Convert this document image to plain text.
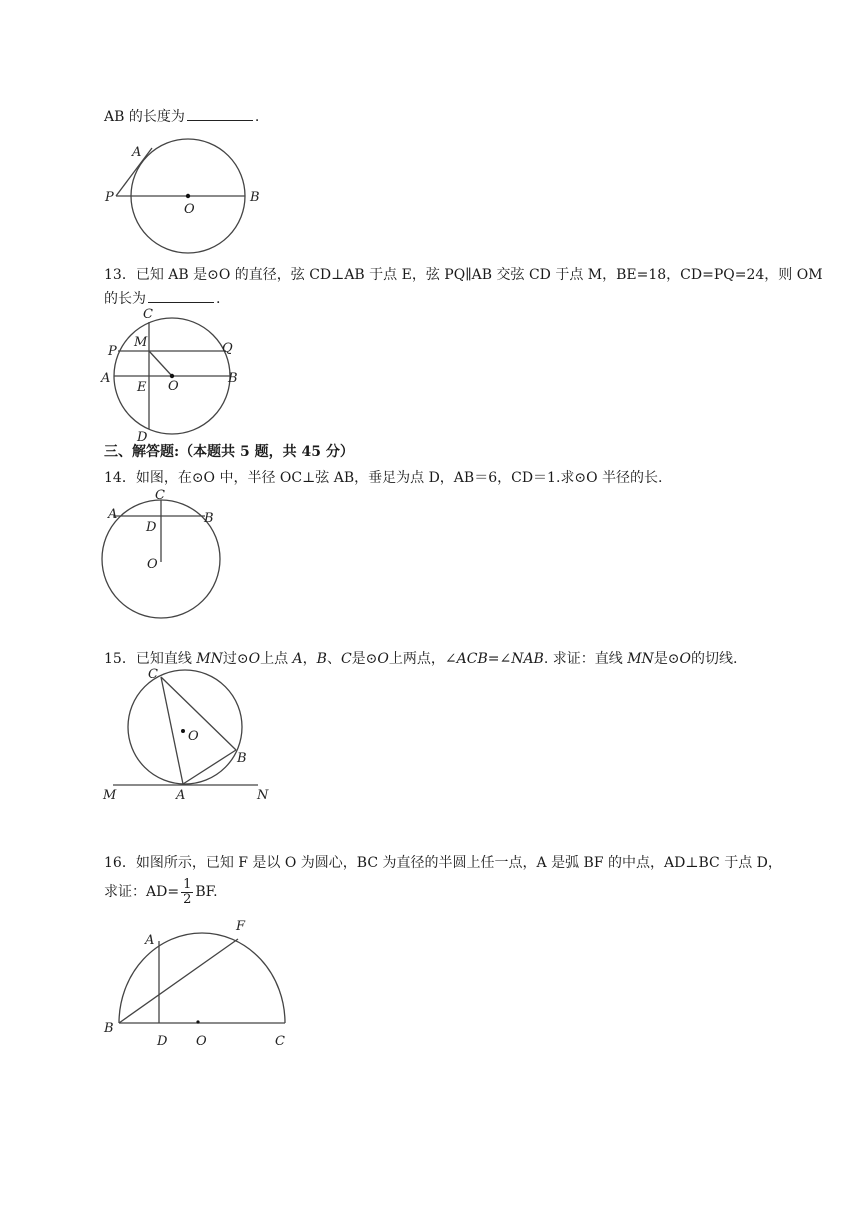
AB 的长度为	.
A
P
O
B
13．已知 AB 是⊙O 的直径，弦 CD⊥AB 于点 E，弦 PQ∥AB 交弦 CD 于点 M，BE=18，CD=PQ=24，则 OM
的长为	.
C
M
P	Q
A
E O
B
D
三、解答题:（本题共 5 题，共 45 分）
14．如图，在⊙O 中，半径 OC⊥弦 AB，垂足为点 D，AB＝6，CD＝1.求⊙O 半径的长.
C
A
D
B
O
15．已知直线 MN过⊙O上点 A，B、C是⊙O上两点，∠ACB=∠NAB. 求证：直线 MN是⊙O的切线.
C
O
B
M	A	N
16．如图所示，已知 F 是以 O 为圆心，BC 为直径的半圆上任一点，A 是弧 BF 的中点，AD⊥BC 于点 D，
求证：$AD= \frac{1}{2}$ BF.
A
F
B
D O	C
